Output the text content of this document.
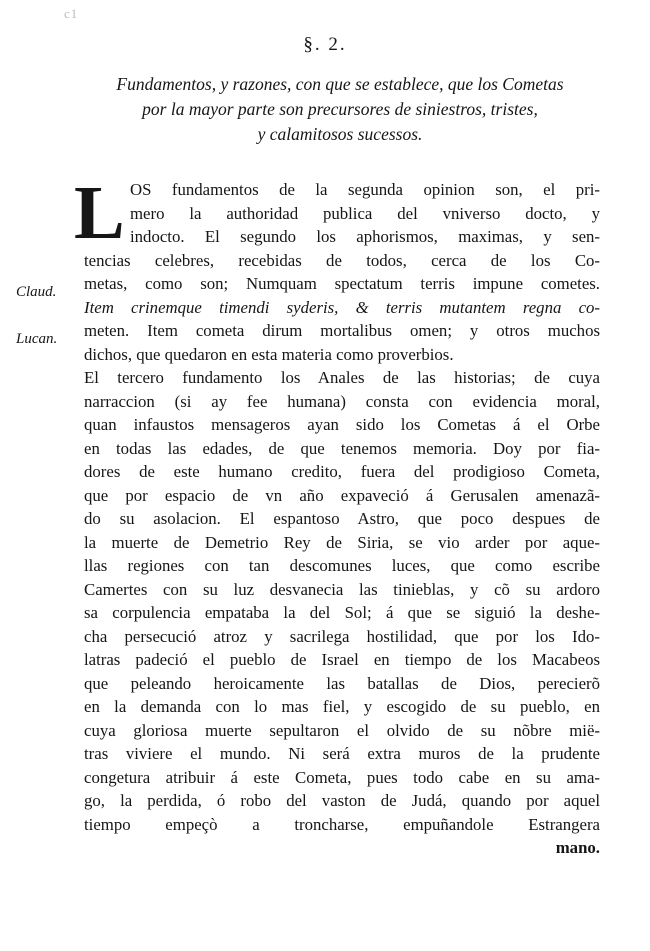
c1
§. 2.
Fundamentos, y razones, con que se establece, que los Cometas
por la mayor parte son precursores de siniestros, tristes,
y calamitosos sucessos.
L
Claud.
Lucan.
OS fundamentos de la segunda opinion son, el pri-
mero la authoridad publica del vniverso docto, y
indocto. El segundo los aphorismos, maximas, y sen-
tencias celebres, recebidas de todos, cerca de los Co-
metas, como son; Numquam spectatum terris impune cometes.
Item crinemque timendi syderis, & terris mutantem regna co-
meten. Item cometa dirum mortalibus omen; y otros muchos
dichos, que quedaron en esta materia como proverbios.
El tercero fundamento los Anales de las historias; de cuya
narraccion (si ay fee humana) consta con evidencia moral,
quan infaustos mensageros ayan sido los Cometas á el Orbe
en todas las edades, de que tenemos memoria. Doy por fia-
dores de este humano credito, fuera del prodigioso Cometa,
que por espacio de vn año expaveció á Gerusalen amenazã-
do su asolacion. El espantoso Astro, que poco despues de
la muerte de Demetrio Rey de Siria, se vio arder por aque-
llas regiones con tan descomunes luces, que como escribe
Camertes con su luz desvanecia las tinieblas, y cõ su ardoro
sa corpulencia empataba la del Sol; á que se siguió la deshe-
cha persecució atroz y sacrilega hostilidad, que por los Ido-
latras padeció el pueblo de Israel en tiempo de los Macabeos
que peleando heroicamente las batallas de Dios, perecierõ
en la demanda con lo mas fiel, y escogido de su pueblo, en
cuya gloriosa muerte sepultaron el olvido de su nõbre mië-
tras viviere el mundo. Ni será extra muros de la prudente
congetura atribuir á este Cometa, pues todo cabe en su ama-
go, la perdida, ó robo del vaston de Judá, quando por aquel
tiempo empeçò a troncharse, empuñandole Estrangera
mano.
